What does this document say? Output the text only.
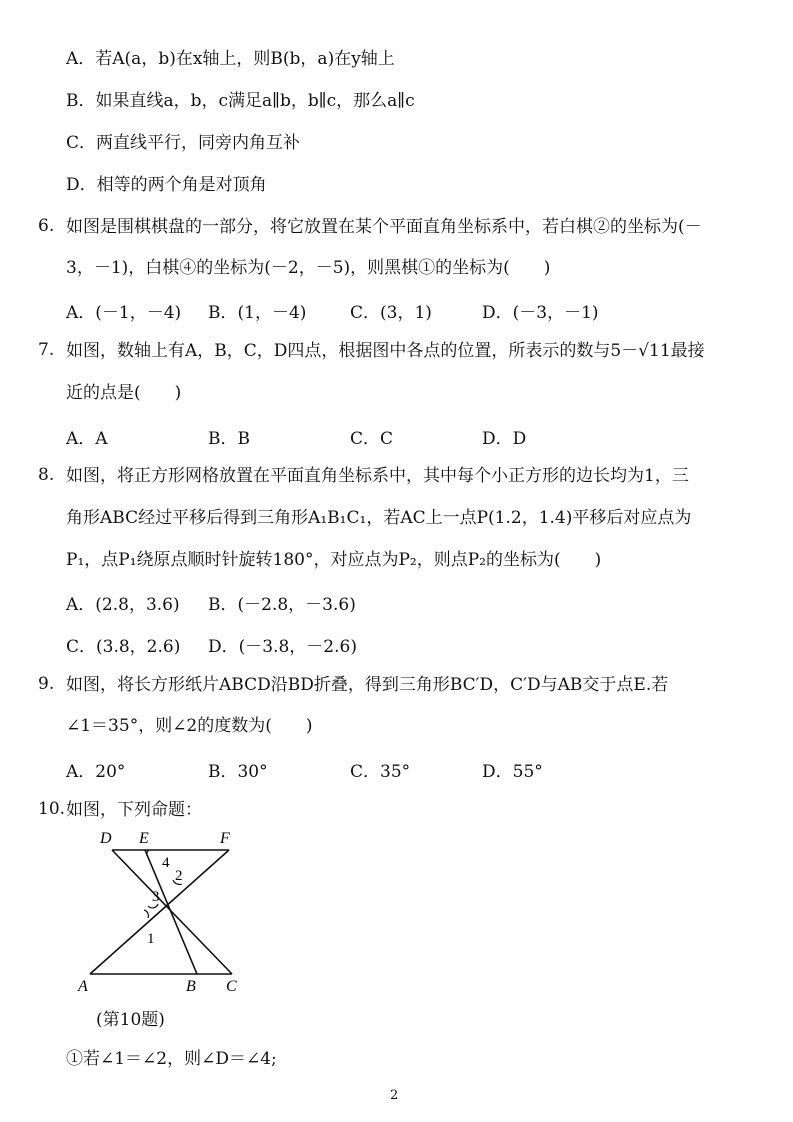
A．若A(a，b)在x轴上，则B(b，a)在y轴上
B．如果直线a，b，c满足a∥b，b∥c，那么a∥c
C．两直线平行，同旁内角互补
D．相等的两个角是对顶角
6. 如图是围棋棋盘的一部分，将它放置在某个平面直角坐标系中，若白棋②的坐标为(－
3，－1)，白棋④的坐标为(－2，－5)，则黑棋①的坐标为(　　)
A．(－1，－4) B．(1，－4)	C．(3，1)	D．(－3，－1)
7. 如图，数轴上有A，B，C，D四点，根据图中各点的位置，所表示的数与5－√11最接
近的点是(　　)
A．A	B．B	C．C	D．D
8. 如图，将正方形网格放置在平面直角坐标系中，其中每个小正方形的边长均为1，三
角形ABC经过平移后得到三角形A₁B₁C₁，若AC上一点P(1.2，1.4)平移后对应点为
P₁，点P₁绕原点顺时针旋转180°，对应点为P₂，则点P₂的坐标为(　　)
A．(2.8，3.6) B．(－2.8，－3.6)
C．(3.8，2.6) D．(－3.8，－2.6)
9. 如图，将长方形纸片ABCD沿BD折叠，得到三角形BC′D，C′D与AB交于点E.若
∠1＝35°，则∠2的度数为(　　)
A．20°	B．30°	C．35°	D．55°
10. 如图，下列命题：
D E	F
A	B C
4
2
3
1
(第10题)
①若∠1＝∠2，则∠D＝∠4;
2
